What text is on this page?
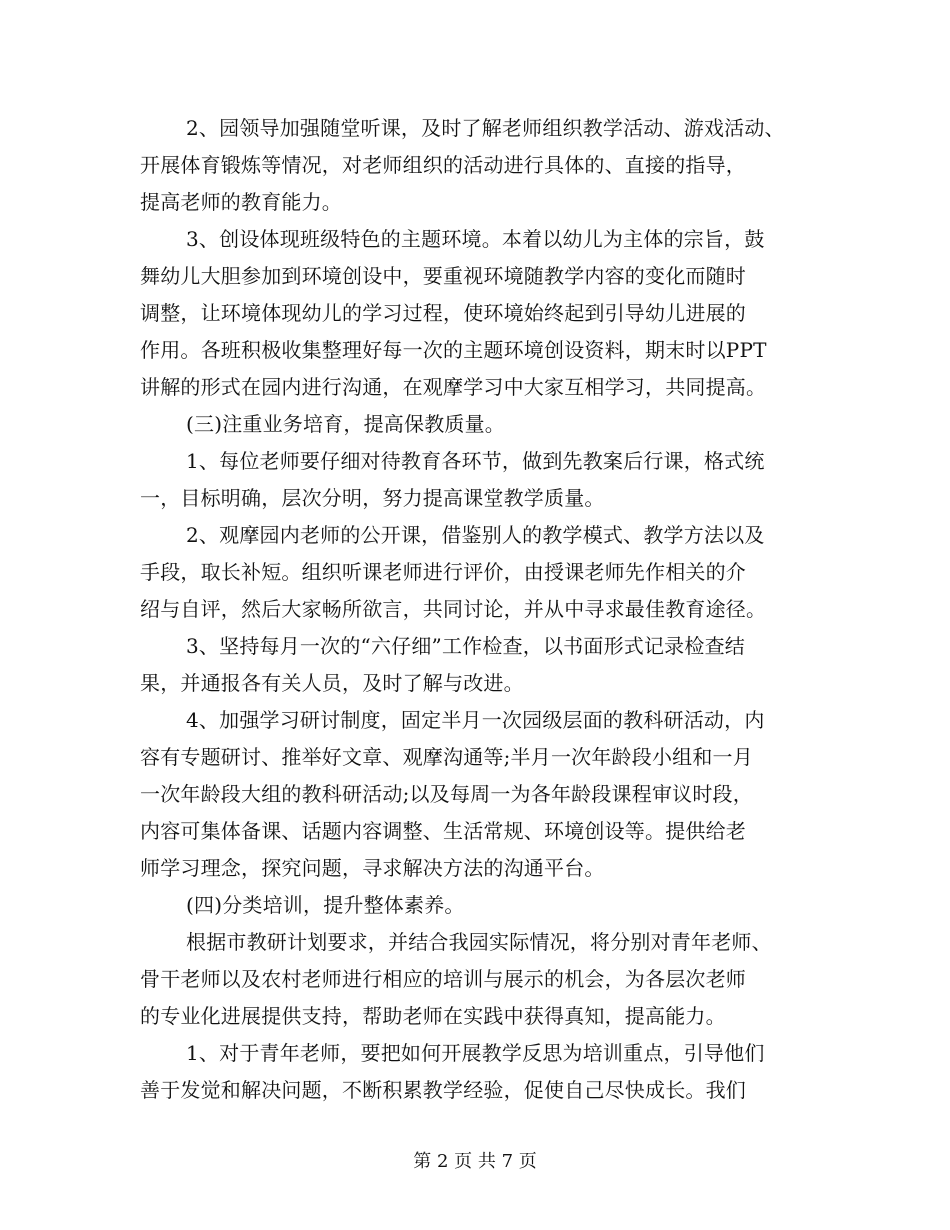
2、园领导加强随堂听课，及时了解老师组织教学活动、游戏活动、
开展体育锻炼等情况，对老师组织的活动进行具体的、直接的指导，
提高老师的教育能力。
3、创设体现班级特色的主题环境。本着以幼儿为主体的宗旨，鼓
舞幼儿大胆参加到环境创设中，要重视环境随教学内容的变化而随时
调整，让环境体现幼儿的学习过程，使环境始终起到引导幼儿进展的
作用。各班积极收集整理好每一次的主题环境创设资料，期末时以PPT
讲解的形式在园内进行沟通，在观摩学习中大家互相学习，共同提高。
(三)注重业务培育，提高保教质量。
1、每位老师要仔细对待教育各环节，做到先教案后行课，格式统
一，目标明确，层次分明，努力提高课堂教学质量。
2、观摩园内老师的公开课，借鉴别人的教学模式、教学方法以及
手段，取长补短。组织听课老师进行评价，由授课老师先作相关的介
绍与自评，然后大家畅所欲言，共同讨论，并从中寻求最佳教育途径。
3、坚持每月一次的“六仔细”工作检查，以书面形式记录检查结
果，并通报各有关人员，及时了解与改进。
4、加强学习研讨制度，固定半月一次园级层面的教科研活动，内
容有专题研讨、推举好文章、观摩沟通等;半月一次年龄段小组和一月
一次年龄段大组的教科研活动;以及每周一为各年龄段课程审议时段，
内容可集体备课、话题内容调整、生活常规、环境创设等。提供给老
师学习理念，探究问题，寻求解决方法的沟通平台。
(四)分类培训，提升整体素养。
根据市教研计划要求，并结合我园实际情况，将分别对青年老师、
骨干老师以及农村老师进行相应的培训与展示的机会，为各层次老师
的专业化进展提供支持，帮助老师在实践中获得真知，提高能力。
1、对于青年老师，要把如何开展教学反思为培训重点，引导他们
善于发觉和解决问题，不断积累教学经验，促使自己尽快成长。我们
第 2 页 共 7 页
